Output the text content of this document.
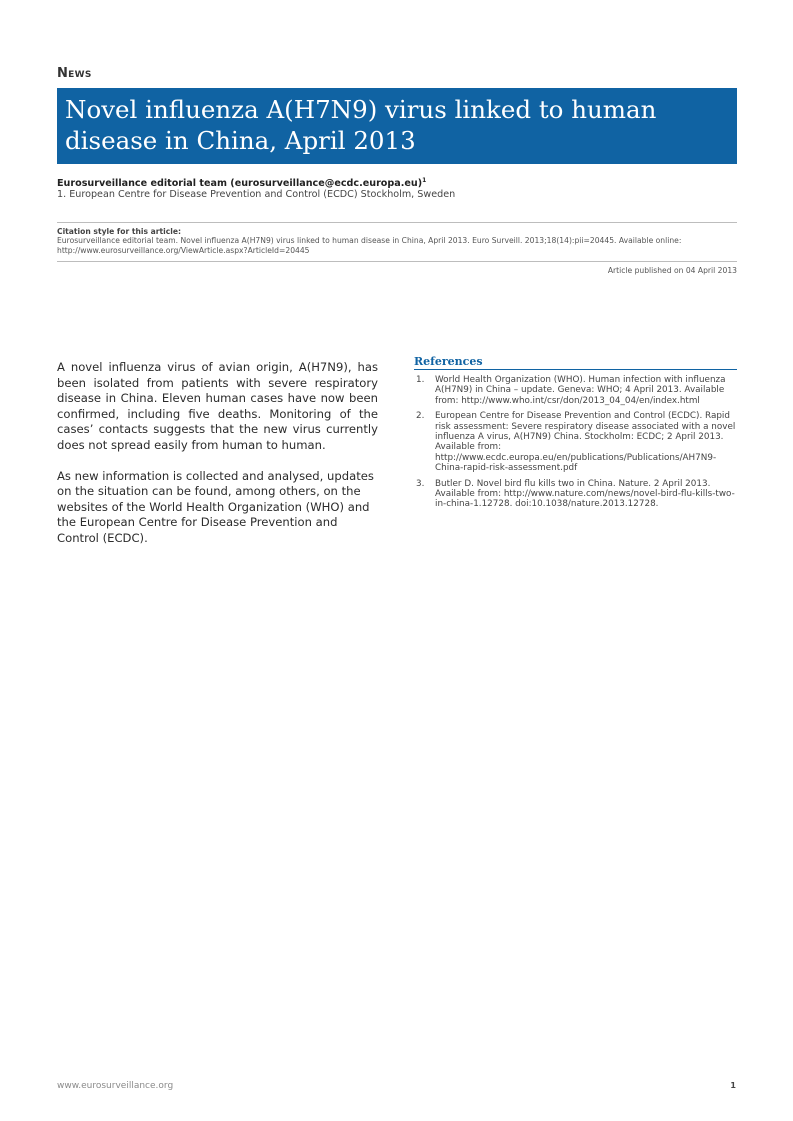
News
Novel influenza A(H7N9) virus linked to human disease in China, April 2013
Eurosurveillance editorial team (eurosurveillance@ecdc.europa.eu)$^1$
1. European Centre for Disease Prevention and Control (ECDC) Stockholm, Sweden
Citation style for this article:
Eurosurveillance editorial team. Novel influenza A(H7N9) virus linked to human disease in China, April 2013. Euro Surveill. 2013;18(14):pii=20445. Available online: http://www.eurosurveillance.org/ViewArticle.aspx?ArticleId=20445
Article published on 04 April 2013

A novel influenza virus of avian origin, A(H7N9), has been isolated from patients with severe respiratory disease in China. Eleven human cases have now been confirmed, including five deaths. Monitoring of the cases’ contacts suggests that the new virus currently does not spread easily from human to human.

As new information is collected and analysed, updates on the situation can be found, among others, on the websites of the World Health Organization (WHO) and the European Centre for Disease Prevention and Control (ECDC).

References
1. World Health Organization (WHO). Human infection with influenza A(H7N9) in China – update. Geneva: WHO; 4 April 2013. Available from: http://www.who.int/csr/don/2013_04_04/en/index.html
2. European Centre for Disease Prevention and Control (ECDC). Rapid risk assessment: Severe respiratory disease associated with a novel influenza A virus, A(H7N9) China. Stockholm: ECDC; 2 April 2013. Available from: http://www.ecdc.europa.eu/en/publications/Publications/AH7N9-China-rapid-risk-assessment.pdf
3. Butler D. Novel bird flu kills two in China. Nature. 2 April 2013. Available from: http://www.nature.com/news/novel-bird-flu-kills-two-in-china-1.12728. doi:10.1038/nature.2013.12728.
www.eurosurveillance.org	1
